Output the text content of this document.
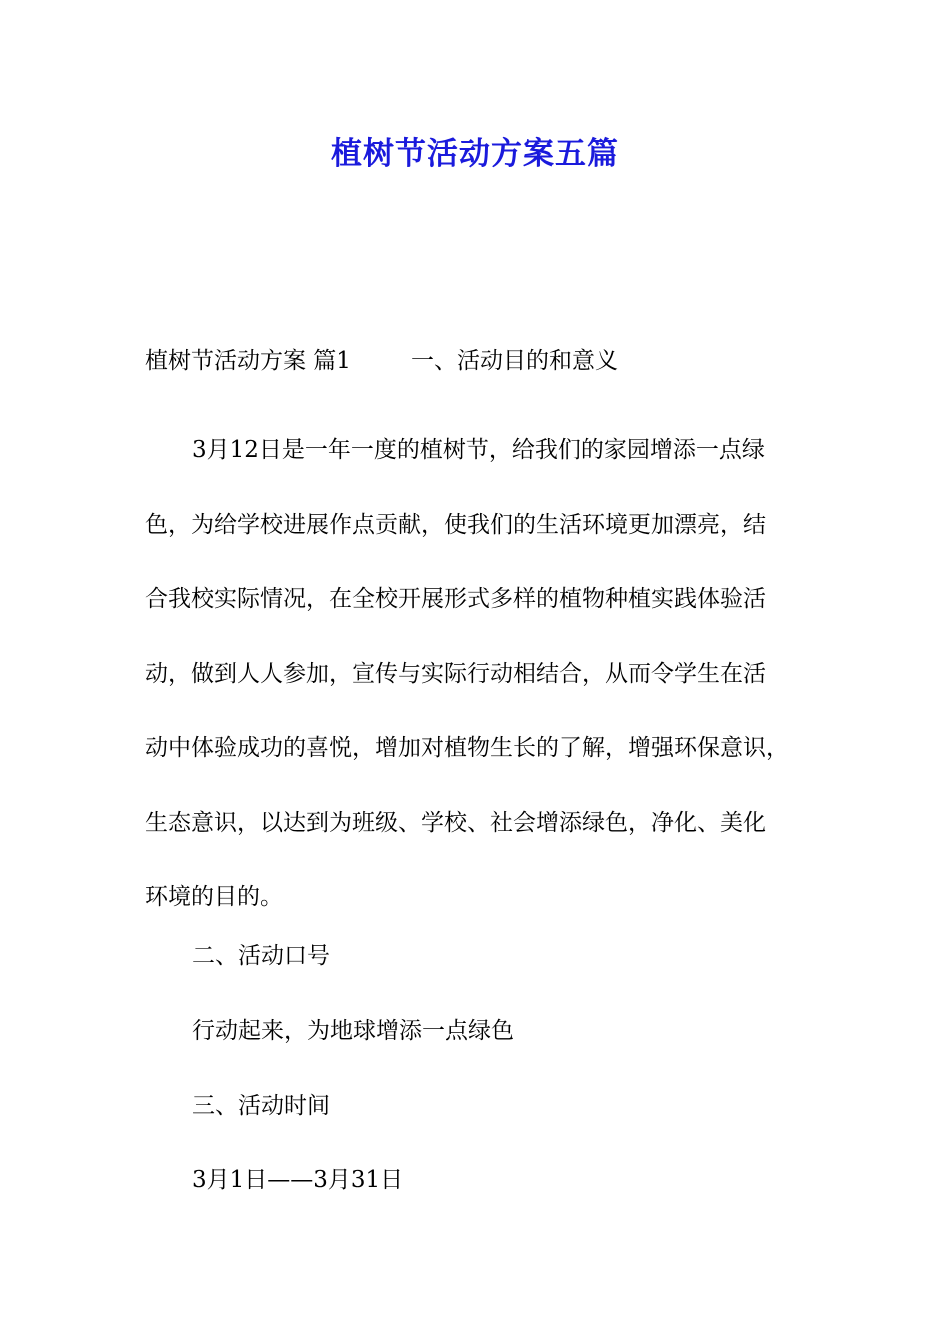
植树节活动方案五篇

植树节活动方案 篇1	一、活动目的和意义

3月12日是一年一度的植树节，给我们的家园增添一点绿
色，为给学校进展作点贡献，使我们的生活环境更加漂亮，结
合我校实际情况，在全校开展形式多样的植物种植实践体验活
动，做到人人参加，宣传与实际行动相结合，从而令学生在活
动中体验成功的喜悦，增加对植物生长的了解，增强环保意识，
生态意识，以达到为班级、学校、社会增添绿色，净化、美化
环境的目的。

二、活动口号

行动起来，为地球增添一点绿色

三、活动时间

3月1日——3月31日
